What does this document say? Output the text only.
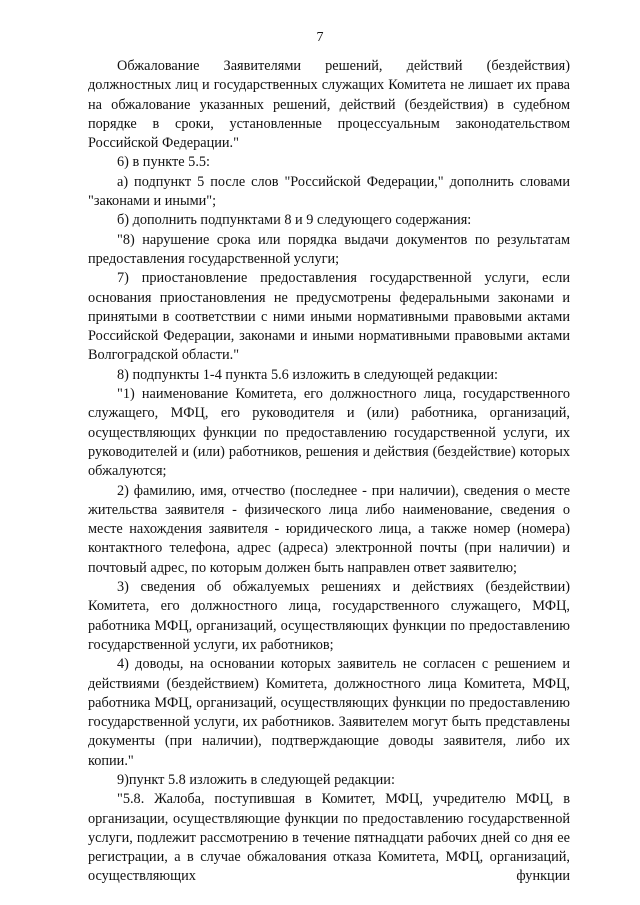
7

Обжалование Заявителями решений, действий (бездействия) должностных лиц и государственных служащих Комитета не лишает их права на обжалование указанных решений, действий (бездействия) в судебном порядке в сроки, установленные процессуальным законодательством Российской Федерации."

6) в пункте 5.5:

а) подпункт 5 после слов "Российской Федерации," дополнить словами "законами и иными";

б) дополнить подпунктами 8 и 9 следующего содержания:

"8) нарушение срока или порядка выдачи документов по результатам предоставления государственной услуги;

7) приостановление предоставления государственной услуги, если основания приостановления не предусмотрены федеральными законами и принятыми в соответствии с ними иными нормативными правовыми актами Российской Федерации, законами и иными нормативными правовыми актами Волгоградской области."

8) подпункты 1-4 пункта 5.6 изложить в следующей редакции:

"1) наименование Комитета, его должностного лица, государственного служащего, МФЦ, его руководителя и (или) работника, организаций, осуществляющих функции по предоставлению государственной услуги, их руководителей и (или) работников, решения и действия (бездействие) которых обжалуются;

2) фамилию, имя, отчество (последнее - при наличии), сведения о месте жительства заявителя - физического лица либо наименование, сведения о месте нахождения заявителя - юридического лица, а также номер (номера) контактного телефона, адрес (адреса) электронной почты (при наличии) и почтовый адрес, по которым должен быть направлен ответ заявителю;

3) сведения об обжалуемых решениях и действиях (бездействии) Комитета, его должностного лица, государственного служащего, МФЦ, работника МФЦ, организаций, осуществляющих функции по предоставлению государственной услуги, их работников;

4) доводы, на основании которых заявитель не согласен с решением и действиями (бездействием) Комитета, должностного лица Комитета, МФЦ, работника МФЦ, организаций, осуществляющих функции по предоставлению государственной услуги, их работников. Заявителем могут быть представлены документы (при наличии), подтверждающие доводы заявителя, либо их копии."

9)пункт 5.8 изложить в следующей редакции:

"5.8. Жалоба, поступившая в Комитет, МФЦ, учредителю МФЦ, в организации, осуществляющие функции по предоставлению государственной услуги, подлежит рассмотрению в течение пятнадцати рабочих дней со дня ее регистрации, а в случае обжалования отказа Комитета, МФЦ, организаций, осуществляющих функции
